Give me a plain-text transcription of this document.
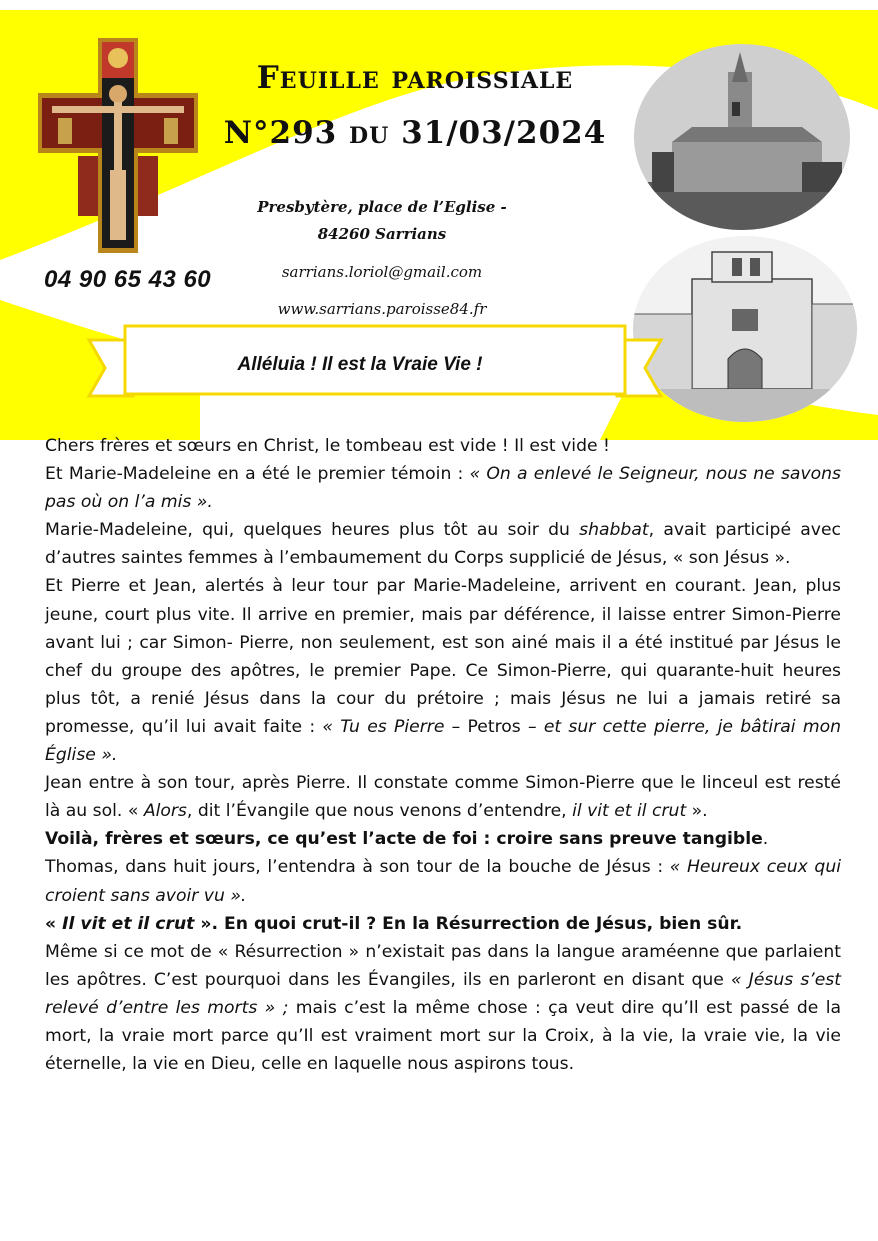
Feuille paroissiale
N°293 du 31/03/2024
Presbytère, place de l’Eglise -
84260 Sarrians
sarrians.loriol@gmail.com
www.sarrians.paroisse84.fr
04 90 65 43 60
Alléluia ! Il est la Vraie Vie !

Chers frères et sœurs en Christ, le tombeau est vide ! Il est vide !

Et Marie-Madeleine en a été le premier témoin : « On a enlevé le Seigneur, nous ne savons pas où on l’a mis ».

Marie-Madeleine, qui, quelques heures plus tôt au soir du shabbat, avait participé avec d’autres saintes femmes à l’embaumement du Corps supplicié de Jésus, « son Jésus ».

Et Pierre et Jean, alertés à leur tour par Marie-Madeleine, arrivent en courant. Jean, plus jeune, court plus vite. Il arrive en premier, mais par déférence, il laisse entrer Simon-Pierre avant lui ; car Simon- Pierre, non seulement, est son ainé mais il a été institué par Jésus le chef du groupe des apôtres, le premier Pape. Ce Simon-Pierre, qui quarante-huit heures plus tôt, a renié Jésus dans la cour du prétoire ; mais Jésus ne lui a jamais retiré sa promesse, qu’il lui avait faite : « Tu es Pierre – Petros – et sur cette pierre, je bâtirai mon Église ».

Jean entre à son tour, après Pierre. Il constate comme Simon-Pierre que le linceul est resté là au sol. « Alors, dit l’Évangile que nous venons d’entendre, il vit et il crut ».

Voilà, frères et sœurs, ce qu’est l’acte de foi : croire sans preuve tangible.

Thomas, dans huit jours, l’entendra à son tour de la bouche de Jésus : « Heureux ceux qui croient sans avoir vu ».

« Il vit et il crut ». En quoi crut-il ? En la Résurrection de Jésus, bien sûr.

Même si ce mot de « Résurrection » n’existait pas dans la langue araméenne que parlaient les apôtres. C’est pourquoi dans les Évangiles, ils en parleront en disant que « Jésus s’est relevé d’entre les morts » ; mais c’est la même chose : ça veut dire qu’Il est passé de la mort, la vraie mort parce qu’Il est vraiment mort sur la Croix, à la vie, la vraie vie, la vie éternelle, la vie en Dieu, celle en laquelle nous aspirons tous.
